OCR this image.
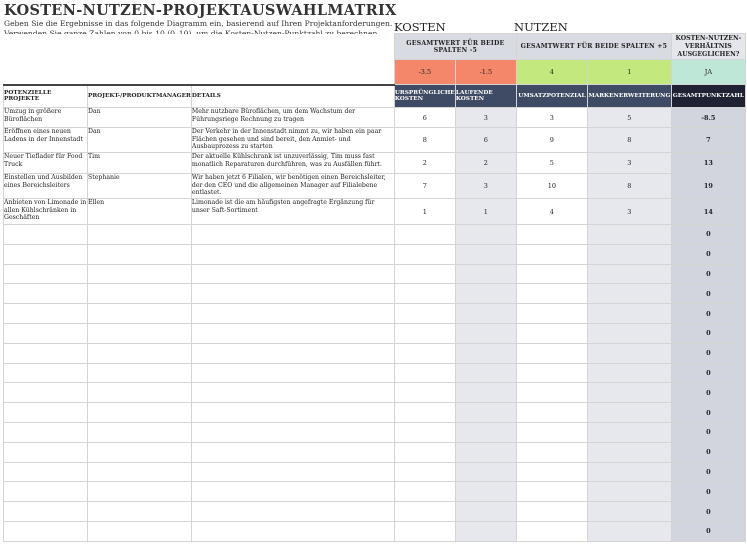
KOSTEN-NUTZEN-PROJEKTAUSWAHLMATRIX
Geben Sie die Ergebnisse in das folgende Diagramm ein, basierend auf Ihren Projektanforderungen. KOSTEN	NUTZEN
			GESAMTWERT FÜR BEIDE SPALTEN -5		GESAMTWERT FÜR BEIDE SPALTEN +5		KOSTEN-NUTZEN-VERHÄLTNIS AUSGEGLICHEN?
			-3.5	-1.5	4	1	JA
POTENZIELLE PROJEKTE	PROJEKT-/PRODUKTMANAGER	DETAILS	URSPRÜNGLICHE KOSTEN	LAUFENDE KOSTEN	UMSATZPOTENZIAL	MARKENERWEITERUNG	GESAMTPUNKTZAHL
Umzug in größere Büroflächen	Dan	Mehr nutzbare Büroflächen, um dem Wachstum der Führungsriege Rechnung zu tragen	6	3	3	5	-8.5
Eröffnen eines neuen Ladens in der Innenstadt	Dan	Der Verkehr in der Innenstadt nimmt zu, wir haben ein paar Flächen gesehen und sind bereit, den Anmiet- und Ausbauprozess zu starten	8	6	9	8	7
Neuer Tieflader für Food Truck	Tim	Der aktuelle Kühlschrank ist unzuverlässig, Tim muss fast monatlich Reparaturen durchführen, was zu Ausfällen führt.	2	2	5	3	13
Einstellen und Ausbilden eines Bereichsleiters	Stephanie	Wir haben jetzt 6 Filialen, wir benötigen einen Bereichsleiter, der den CEO und die allgemeinen Manager auf Filialebene entlastet.	7	3	10	8	19
Anbieten von Limonade in allen Kühlschränken in Geschäften	Ellen	Limonade ist die am häufigsten angefragte Ergänzung für unser Saft-Sortiment	1	1	4	3	14
							0
							0
							0
							0
							0
							0
							0
							0
							0
							0
							0
							0
							0
							0
							0
							0
